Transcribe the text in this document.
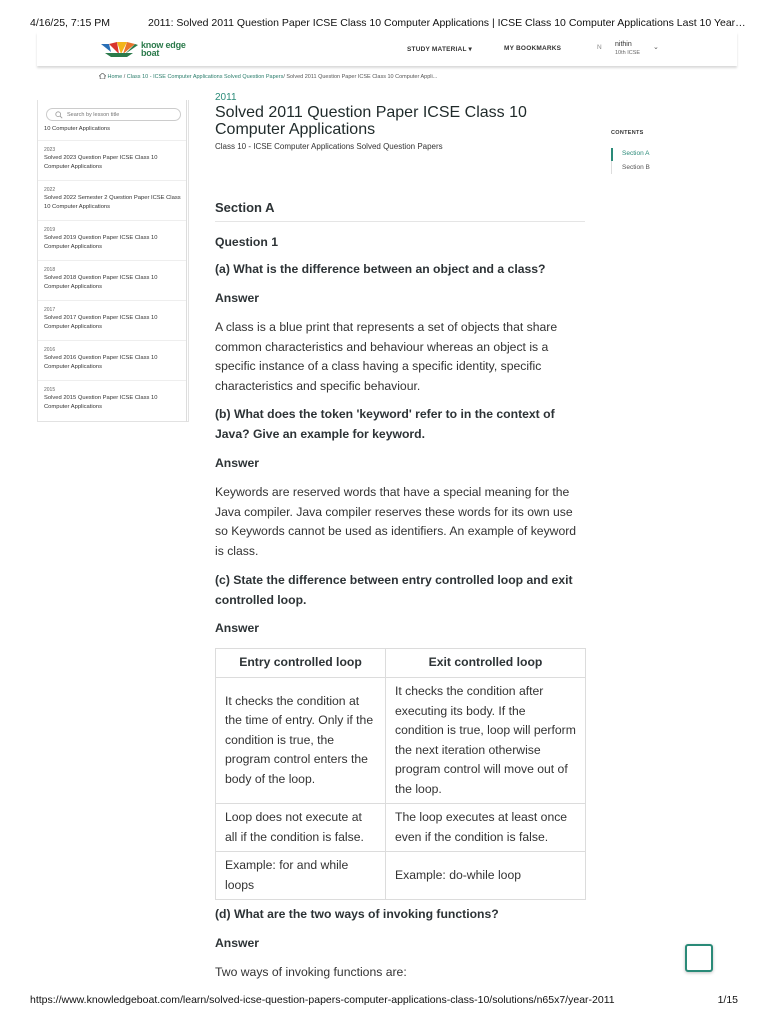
4/16/25, 7:15 PM	2011: Solved 2011 Question Paper ICSE Class 10 Computer Applications | ICSE Class 10 Computer Applications Last 10 Year…
know edge
boat	STUDY MATERIAL ▾	MY BOOKMARKS	N nithin
10th ICSE
⌄
Home / Class 10 - ICSE Computer Applications Solved Question Papers/ Solved 2011 Question Paper ICSE Class 10 Computer Appli...
Search by lesson title
10 Computer Applications
2023
Solved 2023 Question Paper ICSE Class 10 Computer Applications
2022
Solved 2022 Semester 2 Question Paper ICSE Class 10 Computer Applications
2019
Solved 2019 Question Paper ICSE Class 10 Computer Applications
2018
Solved 2018 Question Paper ICSE Class 10 Computer Applications
2017
Solved 2017 Question Paper ICSE Class 10 Computer Applications
2016
Solved 2016 Question Paper ICSE Class 10 Computer Applications
2015
Solved 2015 Question Paper ICSE Class 10 Computer Applications
2011
Solved 2011 Question Paper ICSE Class 10 Computer Applications
Class 10 - ICSE Computer Applications Solved Question Papers
Section A
Question 1
(a) What is the difference between an object and a class?
Answer
A class is a blue print that represents a set of objects that share common characteristics and behaviour whereas an object is a specific instance of a class having a specific identity, specific characteristics and specific behaviour.
(b) What does the token 'keyword' refer to in the context of Java? Give an example for keyword.
Answer
Keywords are reserved words that have a special meaning for the Java compiler. Java compiler reserves these words for its own use so Keywords cannot be used as identifiers. An example of keyword is class.
(c) State the difference between entry controlled loop and exit controlled loop.
Answer
Entry controlled loop	Exit controlled loop
It checks the condition at the time of entry. Only if the condition is true, the program control enters the body of the loop.	It checks the condition after executing its body. If the condition is true, loop will perform the next iteration otherwise program control will move out of the loop.
Loop does not execute at all if the condition is false.	The loop executes at least once even if the condition is false.
Example: for and while loops	Example: do-while loop
(d) What are the two ways of invoking functions?
Answer
Two ways of invoking functions are:
CONTENTS
Section A
Section B
https://www.knowledgeboat.com/learn/solved-icse-question-papers-computer-applications-class-10/solutions/n65x7/year-2011	1/15
